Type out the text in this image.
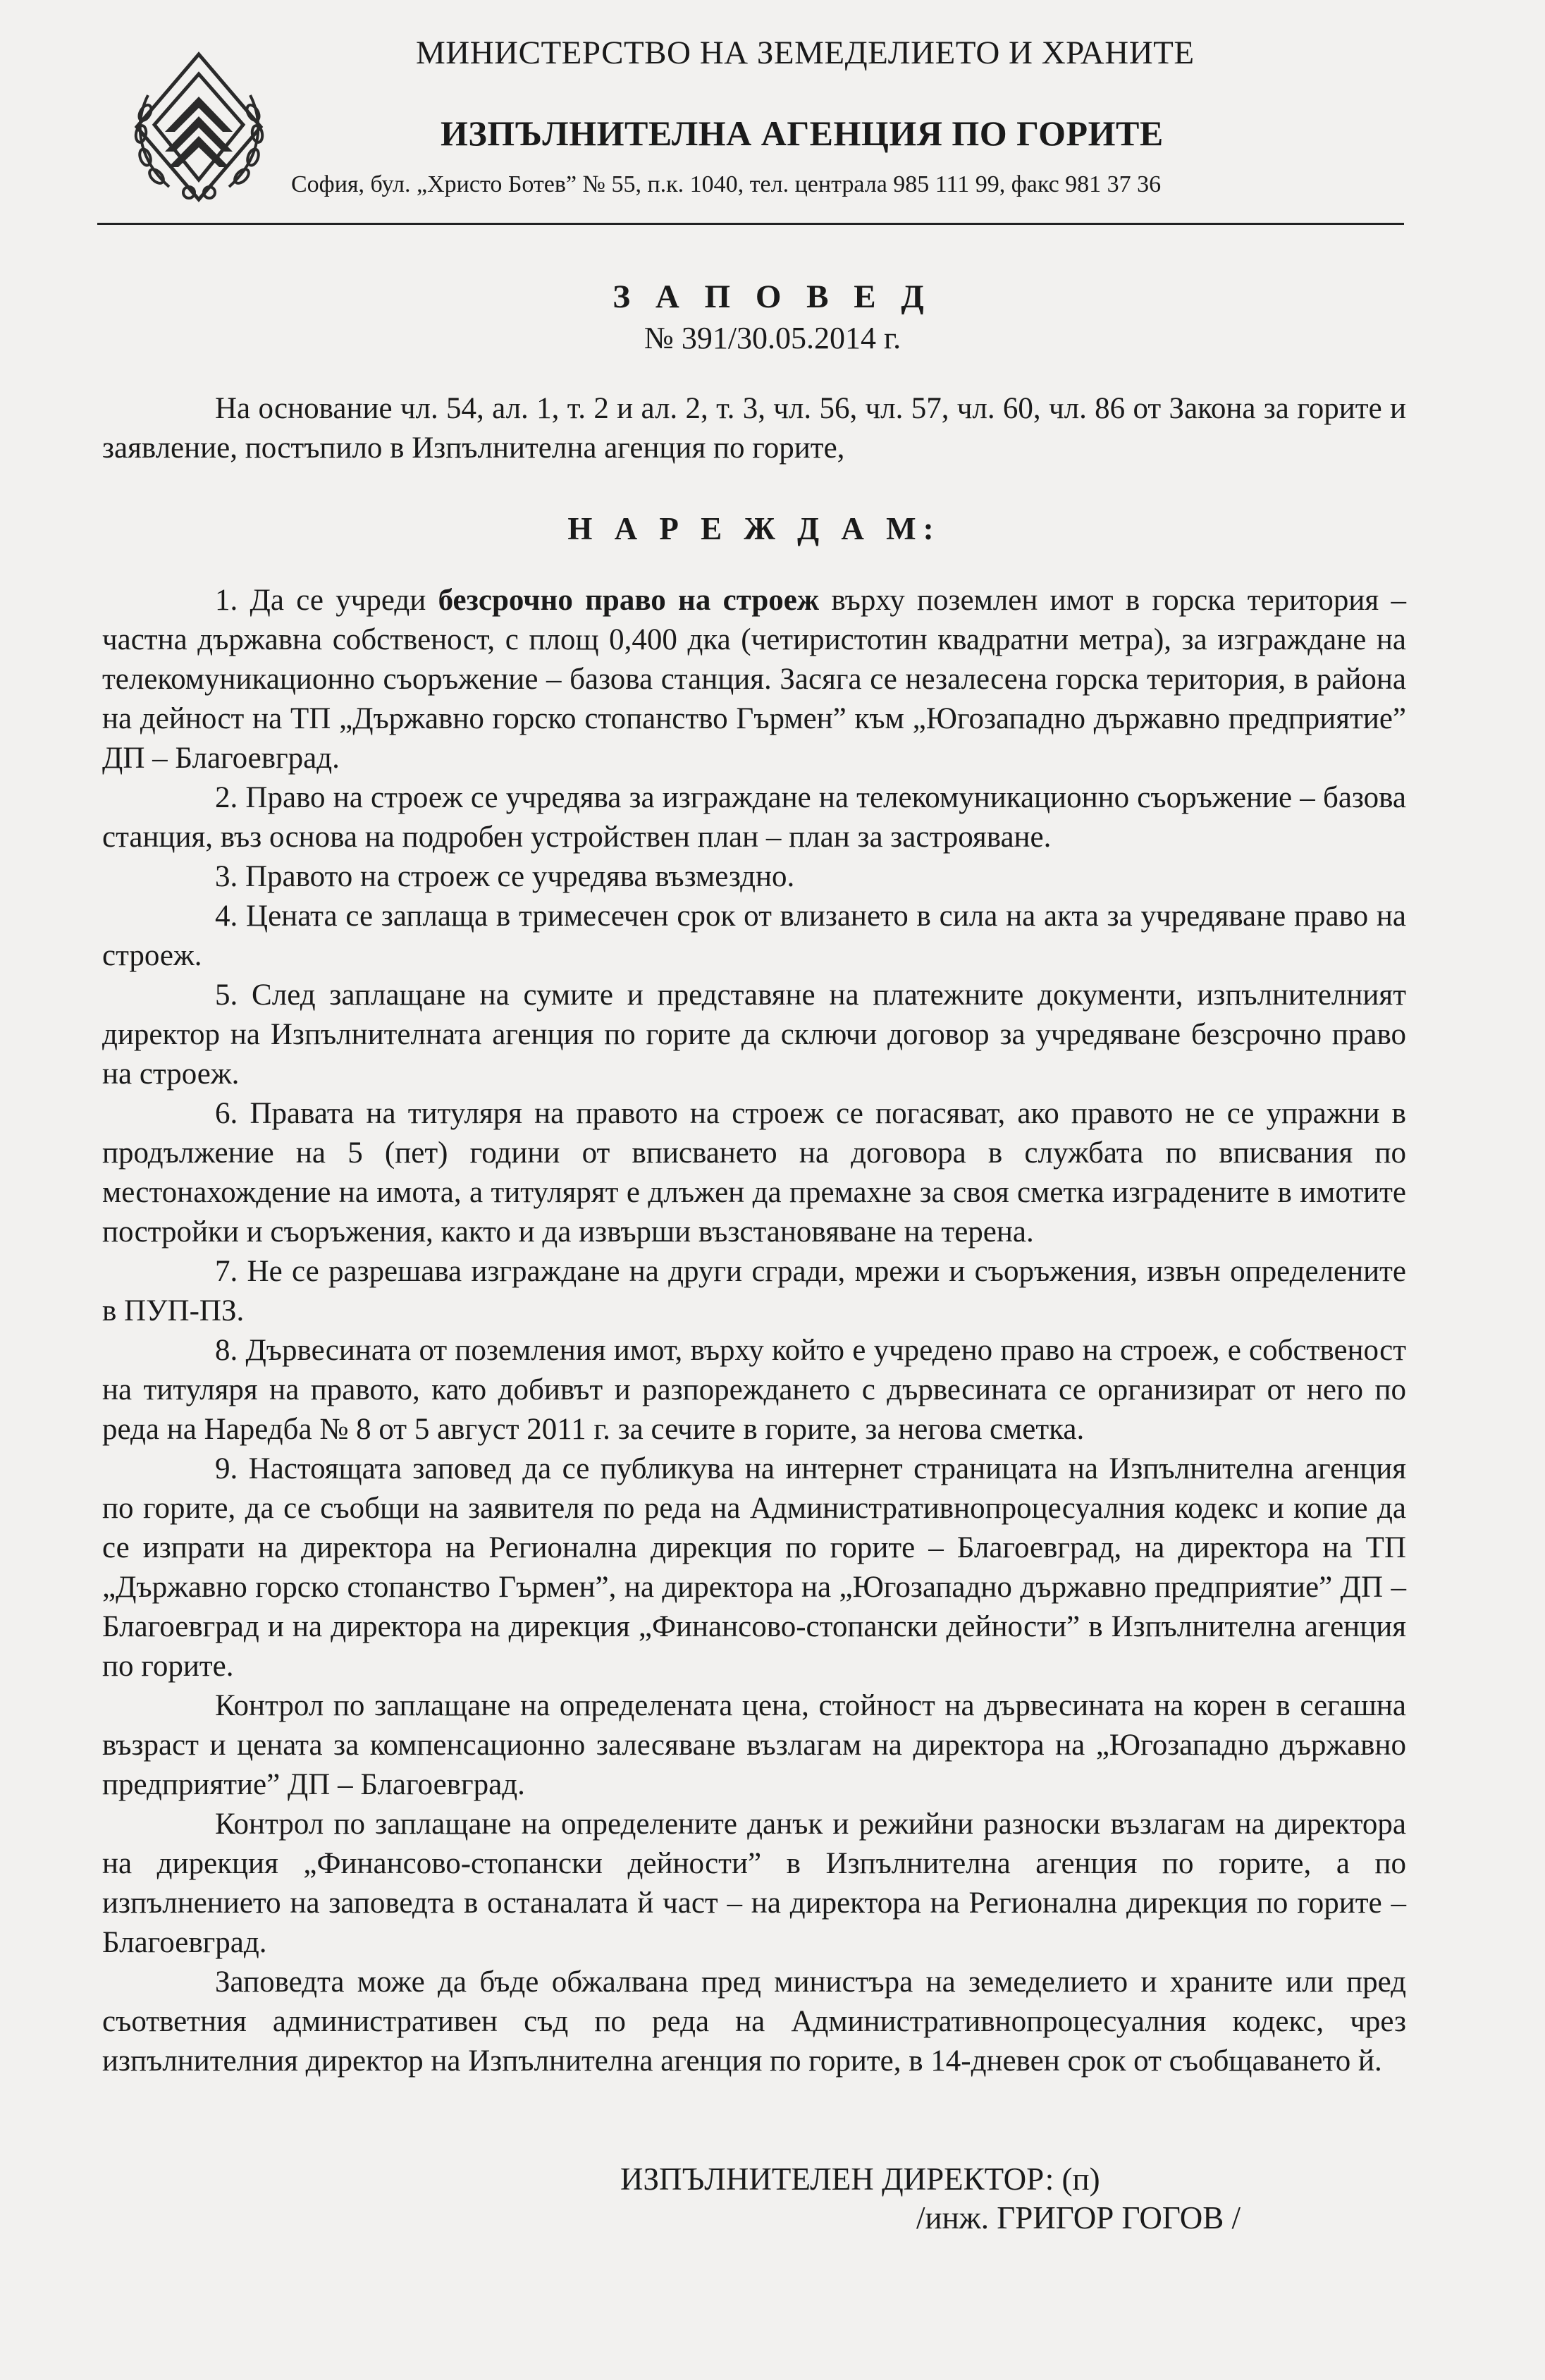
МИНИСТЕРСТВО НА ЗЕМЕДЕЛИЕТО И ХРАНИТЕ
ИЗПЪЛНИТЕЛНА АГЕНЦИЯ ПО ГОРИТЕ
София, бул. „Христо Ботев” № 55, п.к. 1040, тел. централа 985 111 99, факс 981 37 36
З А П О В Е Д
№ 391/30.05.2014 г.

На основание чл. 54, ал. 1, т. 2 и ал. 2, т. 3, чл. 56, чл. 57, чл. 60, чл. 86 от Закона за горите и заявление, постъпило в Изпълнителна агенция по горите,

Н А Р Е Ж Д А М:

1. Да се учреди безсрочно право на строеж върху поземлен имот в горска територия – частна държавна собственост, с площ 0,400 дка (четиристотин квадратни метра), за изграждане на телекомуникационно съоръжение – базова станция. Засяга се незалесена горска територия, в района на дейност на ТП „Държавно горско стопанство Гърмен” към „Югозападно държавно предприятие” ДП – Благоевград.

2. Право на строеж се учредява за изграждане на телекомуникационно съоръжение – базова станция, въз основа на подробен устройствен план – план за застрояване.

3. Правото на строеж се учредява възмездно.

4. Цената се заплаща в тримесечен срок от влизането в сила на акта за учредяване право на строеж.

5. След заплащане на сумите и представяне на платежните документи, изпълнителният директор на Изпълнителната агенция по горите да сключи договор за учредяване безсрочно право на строеж.

6. Правата на титуляря на правото на строеж се погасяват, ако правото не се упражни в продължение на 5 (пет) години от вписването на договора в службата по вписвания по местонахождение на имота, а титулярят е длъжен да премахне за своя сметка изградените в имотите постройки и съоръжения, както и да извърши възстановяване на терена.

7. Не се разрешава изграждане на други сгради, мрежи и съоръжения, извън определените в ПУП-ПЗ.

8. Дървесината от поземления имот, върху който е учредено право на строеж, е собственост на титуляря на правото, като добивът и разпореждането с дървесината се организират от него по реда на Наредба № 8 от 5 август 2011 г. за сечите в горите, за негова сметка.

9. Настоящата заповед да се публикува на интернет страницата на Изпълнителна агенция по горите, да се съобщи на заявителя по реда на Административнопроцесуалния кодекс и копие да се изпрати на директора на Регионална дирекция по горите – Благоевград, на директора на ТП „Държавно горско стопанство Гърмен”, на директора на „Югозападно държавно предприятие” ДП – Благоевград и на директора на дирекция „Финансово-стопански дейности” в Изпълнителна агенция по горите.

Контрол по заплащане на определената цена, стойност на дървесината на корен в сегашна възраст и цената за компенсационно залесяване възлагам на директора на „Югозападно държавно предприятие” ДП – Благоевград.

Контрол по заплащане на определените данък и режийни разноски възлагам на директора на дирекция „Финансово-стопански дейности” в Изпълнителна агенция по горите, а по изпълнението на заповедта в останалата й част – на директора на Регионална дирекция по горите – Благоевград.

Заповедта може да бъде обжалвана пред министъра на земеделието и храните или пред съответния административен съд по реда на Административнопроцесуалния кодекс, чрез изпълнителния директор на Изпълнителна агенция по горите, в 14-дневен срок от съобщаването й.

ИЗПЪЛНИТЕЛЕН ДИРЕКТОР: (п)
/инж. ГРИГОР ГОГОВ /
